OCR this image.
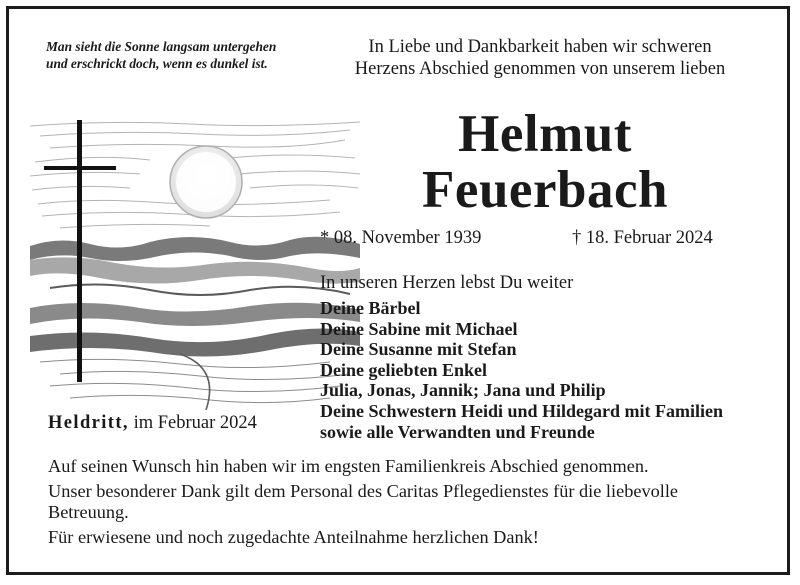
Man sieht die Sonne langsam untergehen
und erschrickt doch, wenn es dunkel ist.
In Liebe und Dankbarkeit haben wir schweren
Herzens Abschied genommen von unserem lieben
Helmut
Feuerbach
* 08. November 1939	† 18. Februar 2024
In unseren Herzen lebst Du weiter
Deine Bärbel
Deine Sabine mit Michael
Deine Susanne mit Stefan
Deine geliebten Enkel
Julia, Jonas, Jannik; Jana und Philip
Deine Schwestern Heidi und Hildegard mit Familien
sowie alle Verwandten und Freunde
Heldritt, im Februar 2024

Auf seinen Wunsch hin haben wir im engsten Familienkreis Abschied genommen.

Unser besonderer Dank gilt dem Personal des Caritas Pflegedienstes für die liebevolle Betreuung.

Für erwiesene und noch zugedachte Anteilnahme herzlichen Dank!
